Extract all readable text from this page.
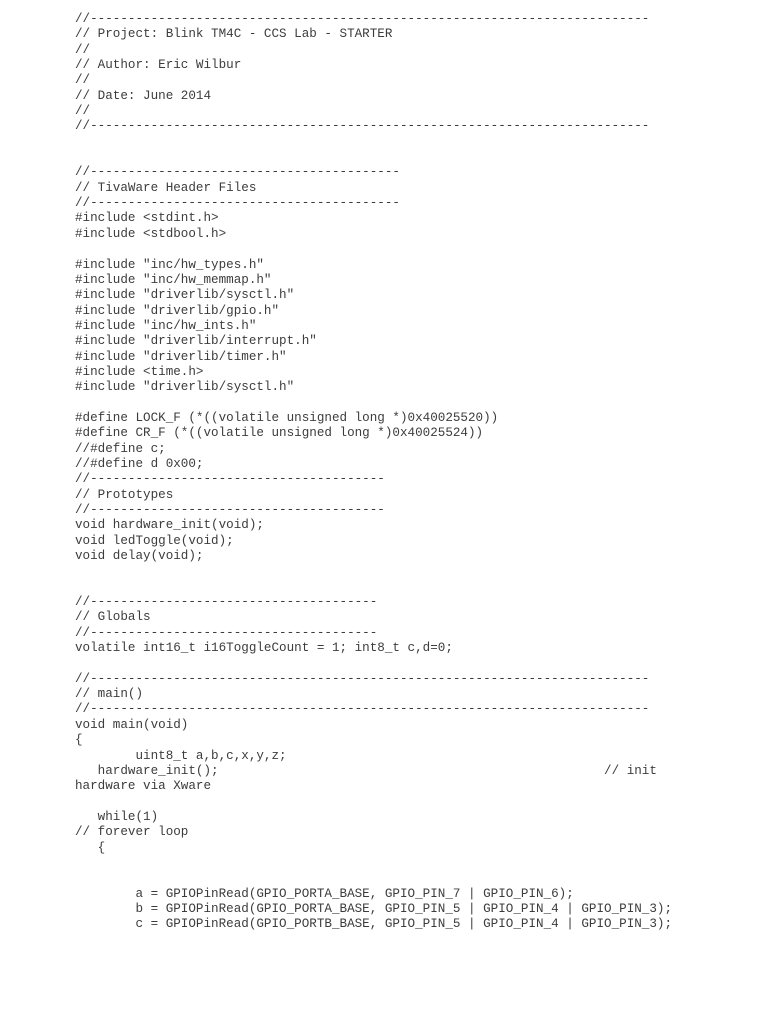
//--------------------------------------------------------------------------
// Project: Blink TM4C - CCS Lab - STARTER
//
// Author: Eric Wilbur
//
// Date: June 2014
//
//--------------------------------------------------------------------------
//-----------------------------------------
// TivaWare Header Files
//-----------------------------------------
#include <stdint.h>
#include <stdbool.h>
#include "inc/hw_types.h"
#include "inc/hw_memmap.h"
#include "driverlib/sysctl.h"
#include "driverlib/gpio.h"
#include "inc/hw_ints.h"
#include "driverlib/interrupt.h"
#include "driverlib/timer.h"
#include <time.h>
#include "driverlib/sysctl.h"
#define LOCK_F (*((volatile unsigned long *)0x40025520))
#define CR_F (*((volatile unsigned long *)0x40025524))
//#define c;
//#define d 0x00;
//---------------------------------------
// Prototypes
//---------------------------------------
void hardware_init(void);
void ledToggle(void);
void delay(void);
//--------------------------------------
// Globals
//--------------------------------------
volatile int16_t i16ToggleCount = 1; int8_t c,d=0;
//--------------------------------------------------------------------------
// main()
//--------------------------------------------------------------------------
void main(void)
{
uint8_t a,b,c,x,y,z;
hardware_init();                                                   // init
hardware via Xware
while(1)
// forever loop
{
a = GPIOPinRead(GPIO_PORTA_BASE, GPIO_PIN_7 | GPIO_PIN_6);
b = GPIOPinRead(GPIO_PORTA_BASE, GPIO_PIN_5 | GPIO_PIN_4 | GPIO_PIN_3);
c = GPIOPinRead(GPIO_PORTB_BASE, GPIO_PIN_5 | GPIO_PIN_4 | GPIO_PIN_3);
